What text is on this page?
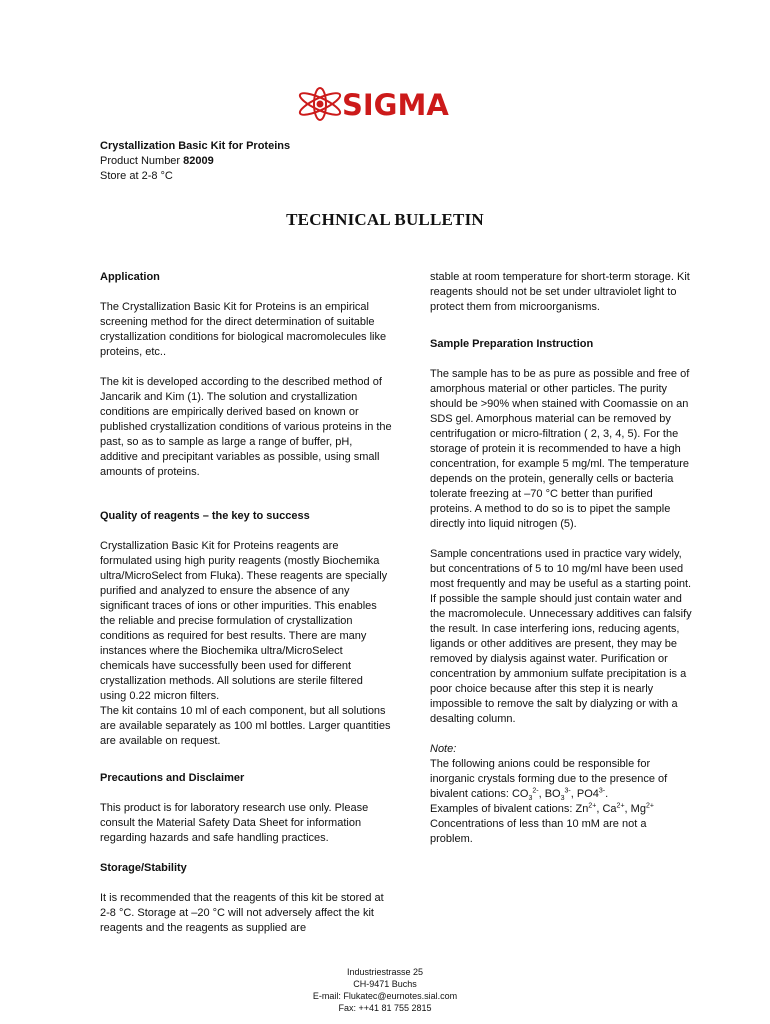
SIGMA
Crystallization Basic Kit for Proteins
Product Number 82009
Store at 2-8 °C
TECHNICAL BULLETIN

Application

The Crystallization Basic Kit for Proteins is an empirical screening method for the direct determination of suitable crystallization conditions for biological macromolecules like proteins, etc..

The kit is developed according to the described method of Jancarik and Kim (1). The solution and crystallization conditions are empirically derived based on known or published crystallization conditions of various proteins in the past, so as to sample as large a range of buffer, pH, additive and precipitant variables as possible, using small amounts of proteins.

Quality of reagents – the key to success

Crystallization Basic Kit for Proteins reagents are formulated using high purity reagents (mostly Biochemika ultra/MicroSelect from Fluka). These reagents are specially purified and analyzed to ensure the absence of any significant traces of ions or other impurities. This enables the reliable and precise formulation of crystallization conditions as required for best results. There are many instances where the Biochemika ultra/MicroSelect chemicals have successfully been used for different crystallization methods. All solutions are sterile filtered using 0.22 micron filters.

The kit contains 10 ml of each component, but all solutions are available separately as 100 ml bottles. Larger quantities are available on request.

Precautions and Disclaimer

This product is for laboratory research use only. Please consult the Material Safety Data Sheet for information regarding hazards and safe handling practices.

Storage/Stability

It is recommended that the reagents of this kit be stored at 2-8 °C. Storage at –20 °C will not adversely affect the kit reagents and the reagents as supplied are

stable at room temperature for short-term storage. Kit reagents should not be set under ultraviolet light to protect them from microorganisms.

Sample Preparation Instruction

The sample has to be as pure as possible and free of amorphous material or other particles. The purity should be >90% when stained with Coomassie on an SDS gel. Amorphous material can be removed by centrifugation or micro-filtration ( 2, 3, 4, 5). For the storage of protein it is recommended to have a high concentration, for example 5 mg/ml. The temperature depends on the protein, generally cells or bacteria tolerate freezing at –70 °C better than purified proteins. A method to do so is to pipet the sample directly into liquid nitrogen (5).

Sample concentrations used in practice vary widely, but concentrations of 5 to 10 mg/ml have been used most frequently and may be useful as a starting point. If possible the sample should just contain water and the macromolecule. Unnecessary additives can falsify the result. In case interfering ions, reducing agents, ligands or other additives are present, they may be removed by dialysis against water. Purification or concentration by ammonium sulfate precipitation is a poor choice because after this step it is nearly impossible to remove the salt by dialyzing or with a desalting column.

Note:

The following anions could be responsible for inorganic crystals forming due to the presence of bivalent cations: $CO_3^{2-}$, $BO_3^{3-}$, $PO4^{3-}$.

Examples of bivalent cations: $Zn^{2+}$, $Ca^{2+}$, $Mg^{2+}$

Concentrations of less than 10 mM are not a problem.

Industriestrasse 25
CH-9471 Buchs
E-mail: Flukatec@eurnotes.sial.com
Fax: ++41 81 755 2815
